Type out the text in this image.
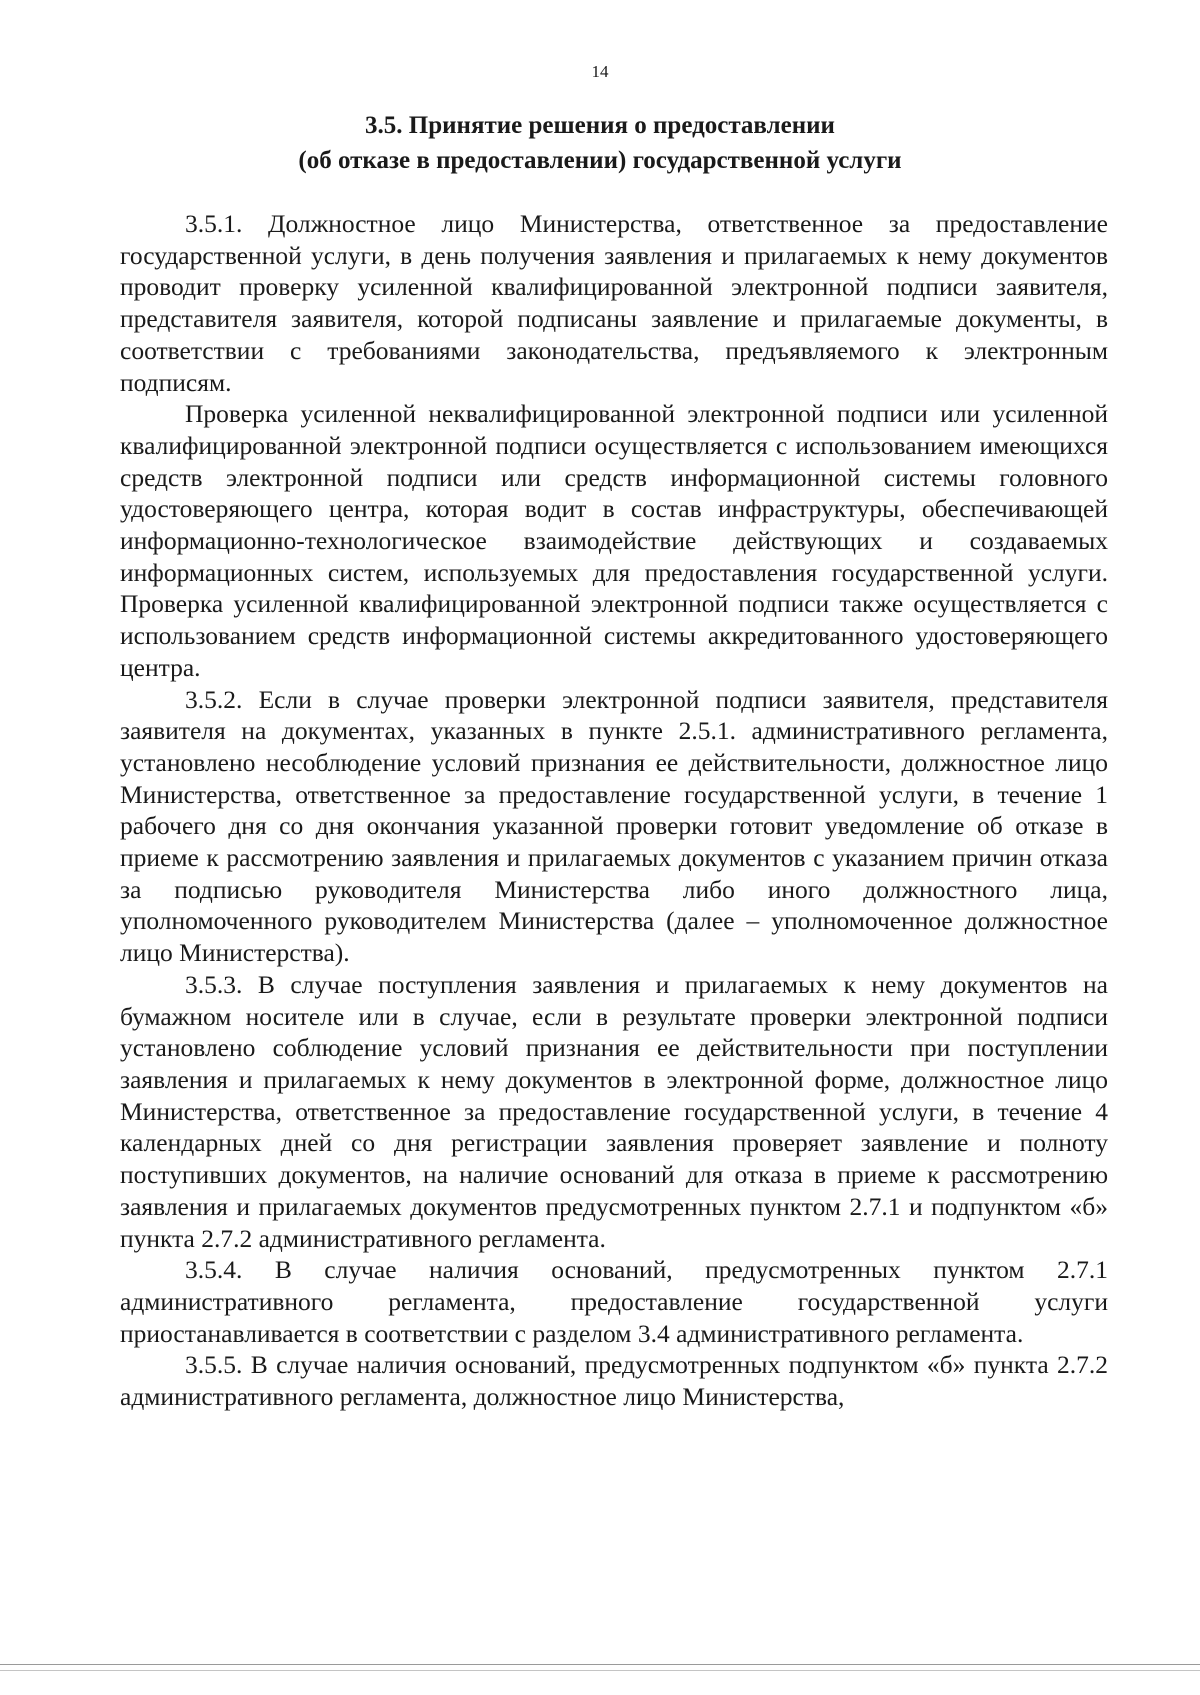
14
3.5. Принятие решения о предоставлении
(об отказе в предоставлении) государственной услуги

3.5.1. Должностное лицо Министерства, ответственное за предоставление государственной услуги, в день получения заявления и прилагаемых к нему документов проводит проверку усиленной квалифицированной электронной подписи заявителя, представителя заявителя, которой подписаны заявление и прилагаемые документы, в соответствии с требованиями законодательства, предъявляемого к электронным подписям.

Проверка усиленной неквалифицированной электронной подписи или усиленной квалифицированной электронной подписи осуществляется с использованием имеющихся средств электронной подписи или средств информационной системы головного удостоверяющего центра, которая водит в состав инфраструктуры, обеспечивающей информационно-технологическое взаимодействие действующих и создаваемых информационных систем, используемых для предоставления государственной услуги. Проверка усиленной квалифицированной электронной подписи также осуществляется с использованием средств информационной системы аккредитованного удостоверяющего центра.

3.5.2. Если в случае проверки электронной подписи заявителя, представителя заявителя на документах, указанных в пункте 2.5.1. административного регламента, установлено несоблюдение условий признания ее действительности, должностное лицо Министерства, ответственное за предоставление государственной услуги, в течение 1 рабочего дня со дня окончания указанной проверки готовит уведомление об отказе в приеме к рассмотрению заявления и прилагаемых документов с указанием причин отказа за подписью руководителя Министерства либо иного должностного лица, уполномоченного руководителем Министерства (далее – уполномоченное должностное лицо Министерства).

3.5.3. В случае поступления заявления и прилагаемых к нему документов на бумажном носителе или в случае, если в результате проверки электронной подписи установлено соблюдение условий признания ее действительности при поступлении заявления и прилагаемых к нему документов в электронной форме, должностное лицо Министерства, ответственное за предоставление государственной услуги, в течение 4 календарных дней со дня регистрации заявления проверяет заявление и полноту поступивших документов, на наличие оснований для отказа в приеме к рассмотрению заявления и прилагаемых документов предусмотренных пунктом 2.7.1 и подпунктом «б» пункта 2.7.2 административного регламента.

3.5.4. В случае наличия оснований, предусмотренных пунктом 2.7.1 административного регламента, предоставление государственной услуги приостанавливается в соответствии с разделом 3.4 административного регламента.

3.5.5. В случае наличия оснований, предусмотренных подпунктом «б» пункта 2.7.2 административного регламента, должностное лицо Министерства,
